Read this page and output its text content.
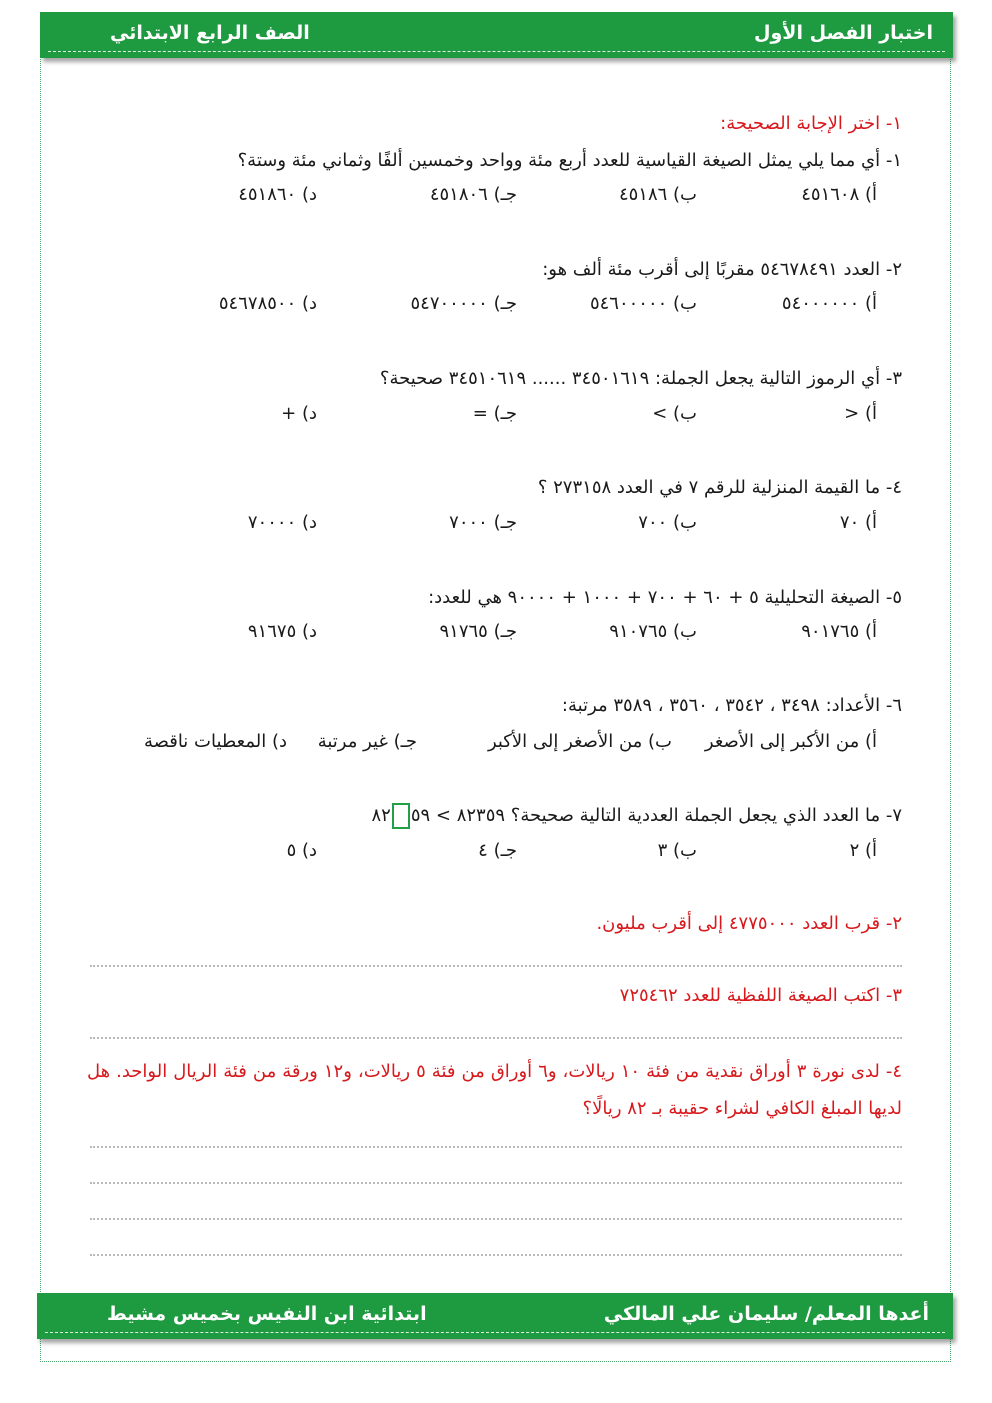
اختبار الفصل الأول
الصف الرابع الابتدائي
١- اختر الإجابة الصحيحة:
١- أي مما يلي يمثل الصيغة القياسية للعدد أربع مئة وواحد وخمسين ألفًا وثماني مئة وستة؟
أ) ٤٥١٦٠٨
ب) ٤٥١٨٦
جـ) ٤٥١٨٠٦
د) ٤٥١٨٦٠
٢- العدد ٥٤٦٧٨٤٩١ مقربًا إلى أقرب مئة ألف هو:
أ) ٥٤٠٠٠٠٠٠
ب) ٥٤٦٠٠٠٠٠
جـ) ٥٤٧٠٠٠٠٠
د) ٥٤٦٧٨٥٠٠
٣- أي الرموز التالية يجعل الجملة: ٣٤٥٠١٦١٩ ...... ٣٤٥١٠٦١٩ صحيحة؟
أ) <
ب) >
جـ) =
د) +
٤- ما القيمة المنزلية للرقم ٧ في العدد ٢٧٣١٥٨ ؟
أ) ٧٠
ب) ٧٠٠
جـ) ٧٠٠٠
د) ٧٠٠٠٠
٥- الصيغة التحليلية ٥ + ٦٠ + ٧٠٠ + ١٠٠٠ + ٩٠٠٠٠ هي للعدد:
أ) ٩٠١٧٦٥
ب) ٩١٠٧٦٥
جـ) ٩١٧٦٥
د) ٩١٦٧٥
٦- الأعداد: ٣٤٩٨ ، ٣٥٤٢ ، ٣٥٦٠ ، ٣٥٨٩ مرتبة:
أ) من الأكبر إلى الأصغر
ب) من الأصغر إلى الأكبر
جـ) غير مرتبة
د) المعطيات ناقصة
٧- ما العدد الذي يجعل الجملة العددية التالية صحيحة؟ ٨٢٣٥٩ > ٥٩٨٢
أ) ٢
ب) ٣
جـ) ٤
د) ٥
٢- قرب العدد ٤٧٧٥٠٠٠ إلى أقرب مليون.
٣- اكتب الصيغة اللفظية للعدد ٧٢٥٤٦٢
٤- لدى نورة ٣ أوراق نقدية من فئة ١٠ ريالات، و٦ أوراق من فئة ٥ ريالات، و١٢ ورقة من فئة الريال الواحد. هل لديها المبلغ الكافي لشراء حقيبة بـ ٨٢ ريالًا؟
أعدها المعلم/ سليمان علي المالكي
ابتدائية ابن النفيس بخميس مشيط
